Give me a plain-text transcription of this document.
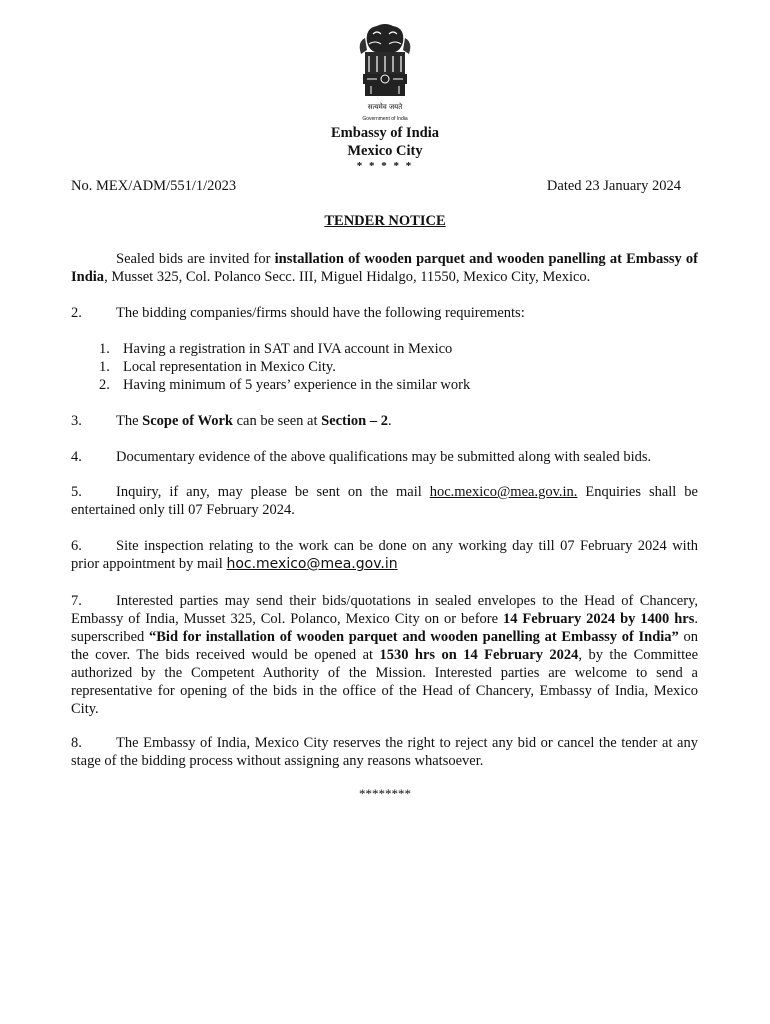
सत्यमेव जयते
Government of India
Embassy of India
Mexico City
* * * * *
No. MEX/ADM/551/1/2023	Dated 23 January 2024
TENDER NOTICE
Sealed bids are invited for installation of wooden parquet and wooden panelling at Embassy of India, Musset 325, Col. Polanco Secc. III, Miguel Hidalgo, 11550, Mexico City, Mexico.
2. The bidding companies/firms should have the following requirements:
1. Having a registration in SAT and IVA account in Mexico
1. Local representation in Mexico City.
2. Having minimum of 5 years’ experience in the similar work
3. The Scope of Work can be seen at Section – 2.
4. Documentary evidence of the above qualifications may be submitted along with sealed bids.
5. Inquiry, if any, may please be sent on the mail hoc.mexico@mea.gov.in. Enquiries shall be entertained only till 07 February 2024.
6. Site inspection relating to the work can be done on any working day till 07 February 2024 with prior appointment by mail hoc.mexico@mea.gov.in
7. Interested parties may send their bids/quotations in sealed envelopes to the Head of Chancery, Embassy of India, Musset 325, Col. Polanco, Mexico City on or before 14 February 2024 by 1400 hrs. superscribed “Bid for installation of wooden parquet and wooden panelling at Embassy of India” on the cover. The bids received would be opened at 1530 hrs on 14 February 2024, by the Committee authorized by the Competent Authority of the Mission. Interested parties are welcome to send a representative for opening of the bids in the office of the Head of Chancery, Embassy of India, Mexico City.
8. The Embassy of India, Mexico City reserves the right to reject any bid or cancel the tender at any stage of the bidding process without assigning any reasons whatsoever.
********
